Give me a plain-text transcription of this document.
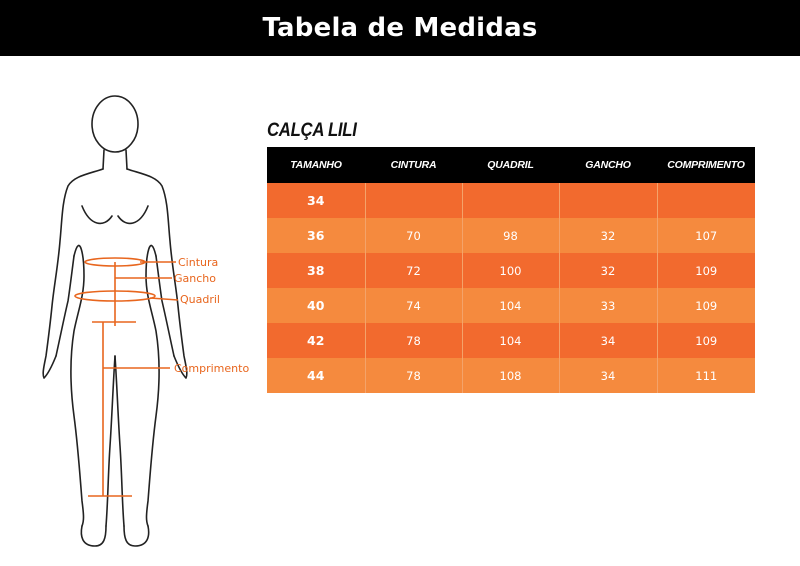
Tabela de Medidas
Cintura
Gancho
Quadril
Comprimento
CALÇA LILI
TAMANHO	CINTURA	QUADRIL	GANCHO	COMPRIMENTO
34				
36	70	98	32	107
38	72	100	32	109
40	74	104	33	109
42	78	104	34	109
44	78	108	34	111
